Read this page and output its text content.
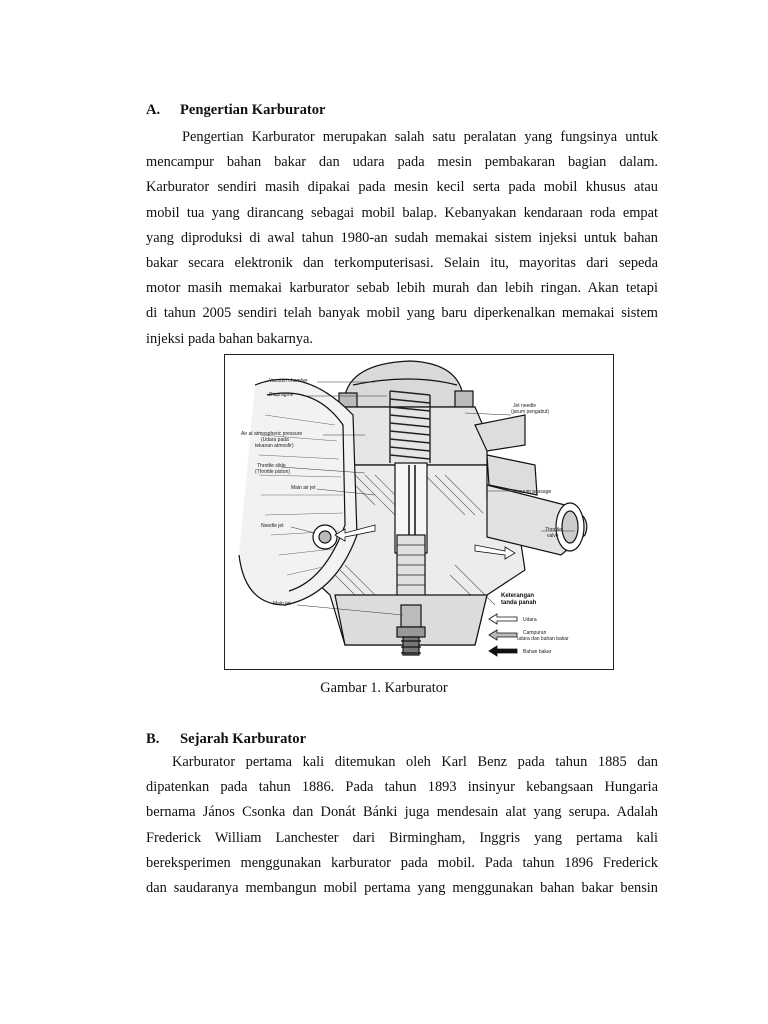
A.	Pengertian Karburator
Pengertian Karburator merupakan salah satu peralatan yang fungsinya untuk
mencampur bahan bakar dan udara pada mesin pembakaran bagian dalam.
Karburator sendiri masih dipakai pada mesin kecil serta pada mobil khusus atau
mobil tua yang dirancang sebagai mobil balap. Kebanyakan kendaraan roda empat
yang diproduksi di awal tahun 1980-an sudah memakai sistem injeksi untuk bahan
bakar secara elektronik dan terkomputerisasi. Selain itu, mayoritas dari sepeda
motor masih memakai karburator sebab lebih murah dan lebih ringan. Akan tetapi
di tahun 2005 sendiri telah banyak mobil yang baru diperkenalkan memakai sistem
injeksi pada bahan bakarnya.
Vacuum chamber
Diapragme
Air at atmospheric pressure
(Udara pada
tekanan atmosfir)
Throttle slide
(Throttle piston)
Main air jet
Needle jet
Main jet
Jet needle
(jarum pengabut)
Vacuum passage
Throttle
valve
Keterangan
tanda panah
Udara
Campuran
udara dan bahan bakar
Bahan bakar
Gambar 1. Karburator
B.	Sejarah Karburator
Karburator pertama kali ditemukan oleh Karl Benz pada tahun 1885 dan
dipatenkan pada tahun 1886. Pada tahun 1893 insinyur kebangsaan Hungaria
bernama János Csonka dan Donát Bánki juga mendesain alat yang serupa. Adalah
Frederick William Lanchester dari Birmingham, Inggris yang pertama kali
bereksperimen menggunakan karburator pada mobil. Pada tahun 1896 Frederick
dan saudaranya membangun mobil pertama yang menggunakan bahan bakar bensin
